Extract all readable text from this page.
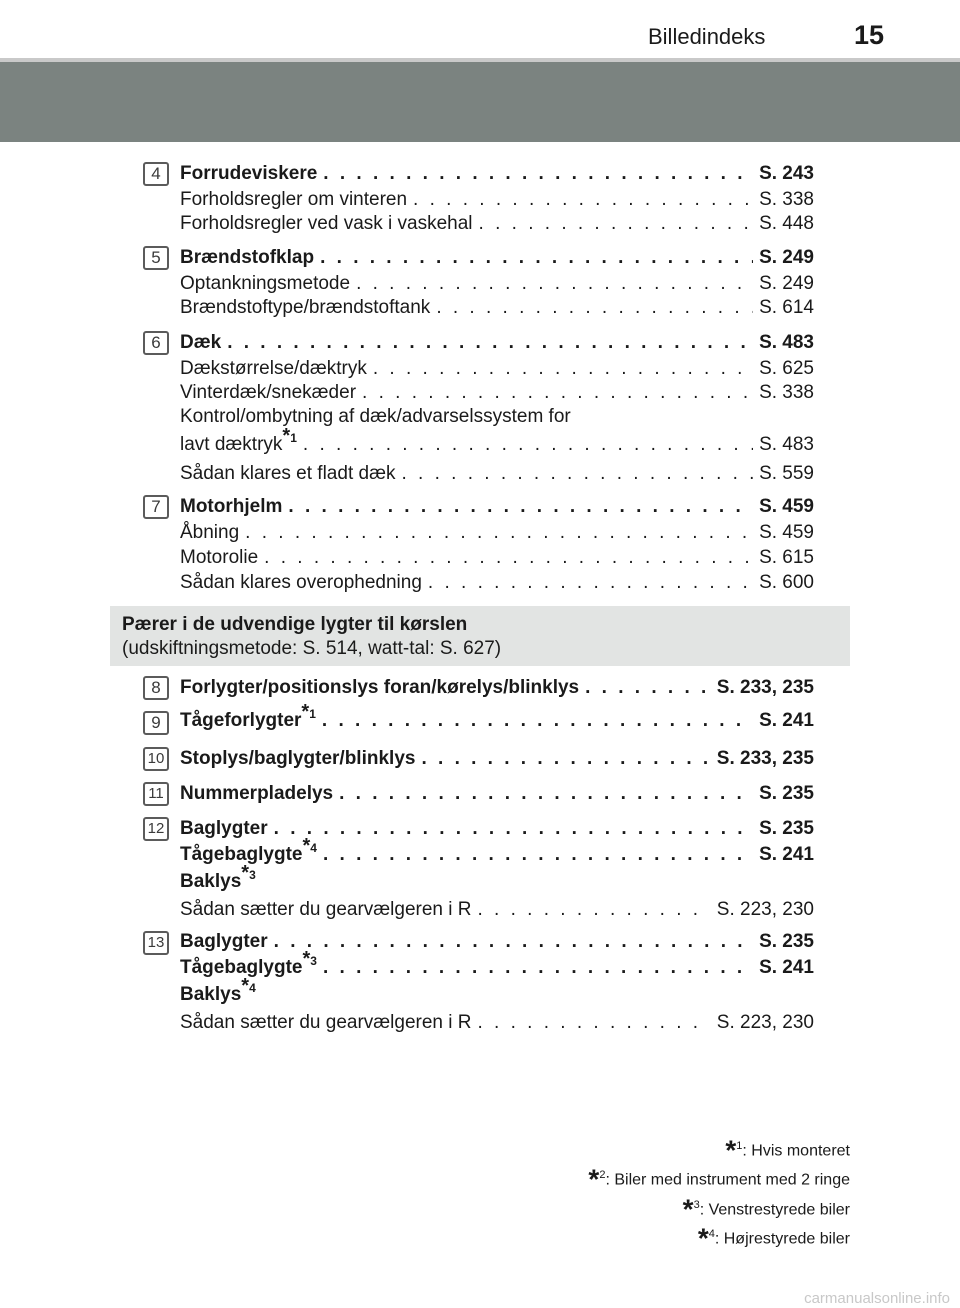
Billedindeks	15
4	Forrudeviskere . . .	S. 243
Forholdsregler om vinteren . . .	S. 338
Forholdsregler ved vask i vaskehal . . .	S. 448
5	Brændstofklap . . .	S. 249
Optankningsmetode . . .	S. 249
Brændstoftype/brændstoftank . . .	S. 614
6	Dæk . . .	S. 483
Dækstørrelse/dæktryk . . .	S. 625
Vinterdæk/snekæder . . .	S. 338
Kontrol/ombytning af dæk/advarselssystem for
lavt dæktryk$^{*1}$ . . .	S. 483
Sådan klares et fladt dæk . . .	S. 559
7	Motorhjelm . . .	S. 459
Åbning . . .	S. 459
Motorolie . . .	S. 615
Sådan klares overophedning . . .	S. 600
Pærer i de udvendige lygter til kørslen
(udskiftningsmetode: S. 514, watt-tal: S. 627)
8	Forlygter/positionslys foran/kørelys/blinklys . . .	S. 233, 235
9	Tågeforlygter$^{*1}$ . . .	S. 241
10 Stoplys/baglygter/blinklys . . .	S. 233, 235
11 Nummerpladelys . . .	S. 235
12 Baglygter . . .	S. 235
Tågebaglygte$^{*4}$ . . .	S. 241
Baklys$^{*3}$
Sådan sætter du gearvælgeren i R . . .	S. 223, 230
13 Baglygter . . .	S. 235
Tågebaglygte$^{*3}$ . . .	S. 241
Baklys$^{*4}$
Sådan sætter du gearvælgeren i R . . .	S. 223, 230
*$^1$: Hvis monteret
*$^2$: Biler med instrument med 2 ringe
*$^3$: Venstrestyrede biler
*$^4$: Højrestyrede biler
carmanualsonline.info
